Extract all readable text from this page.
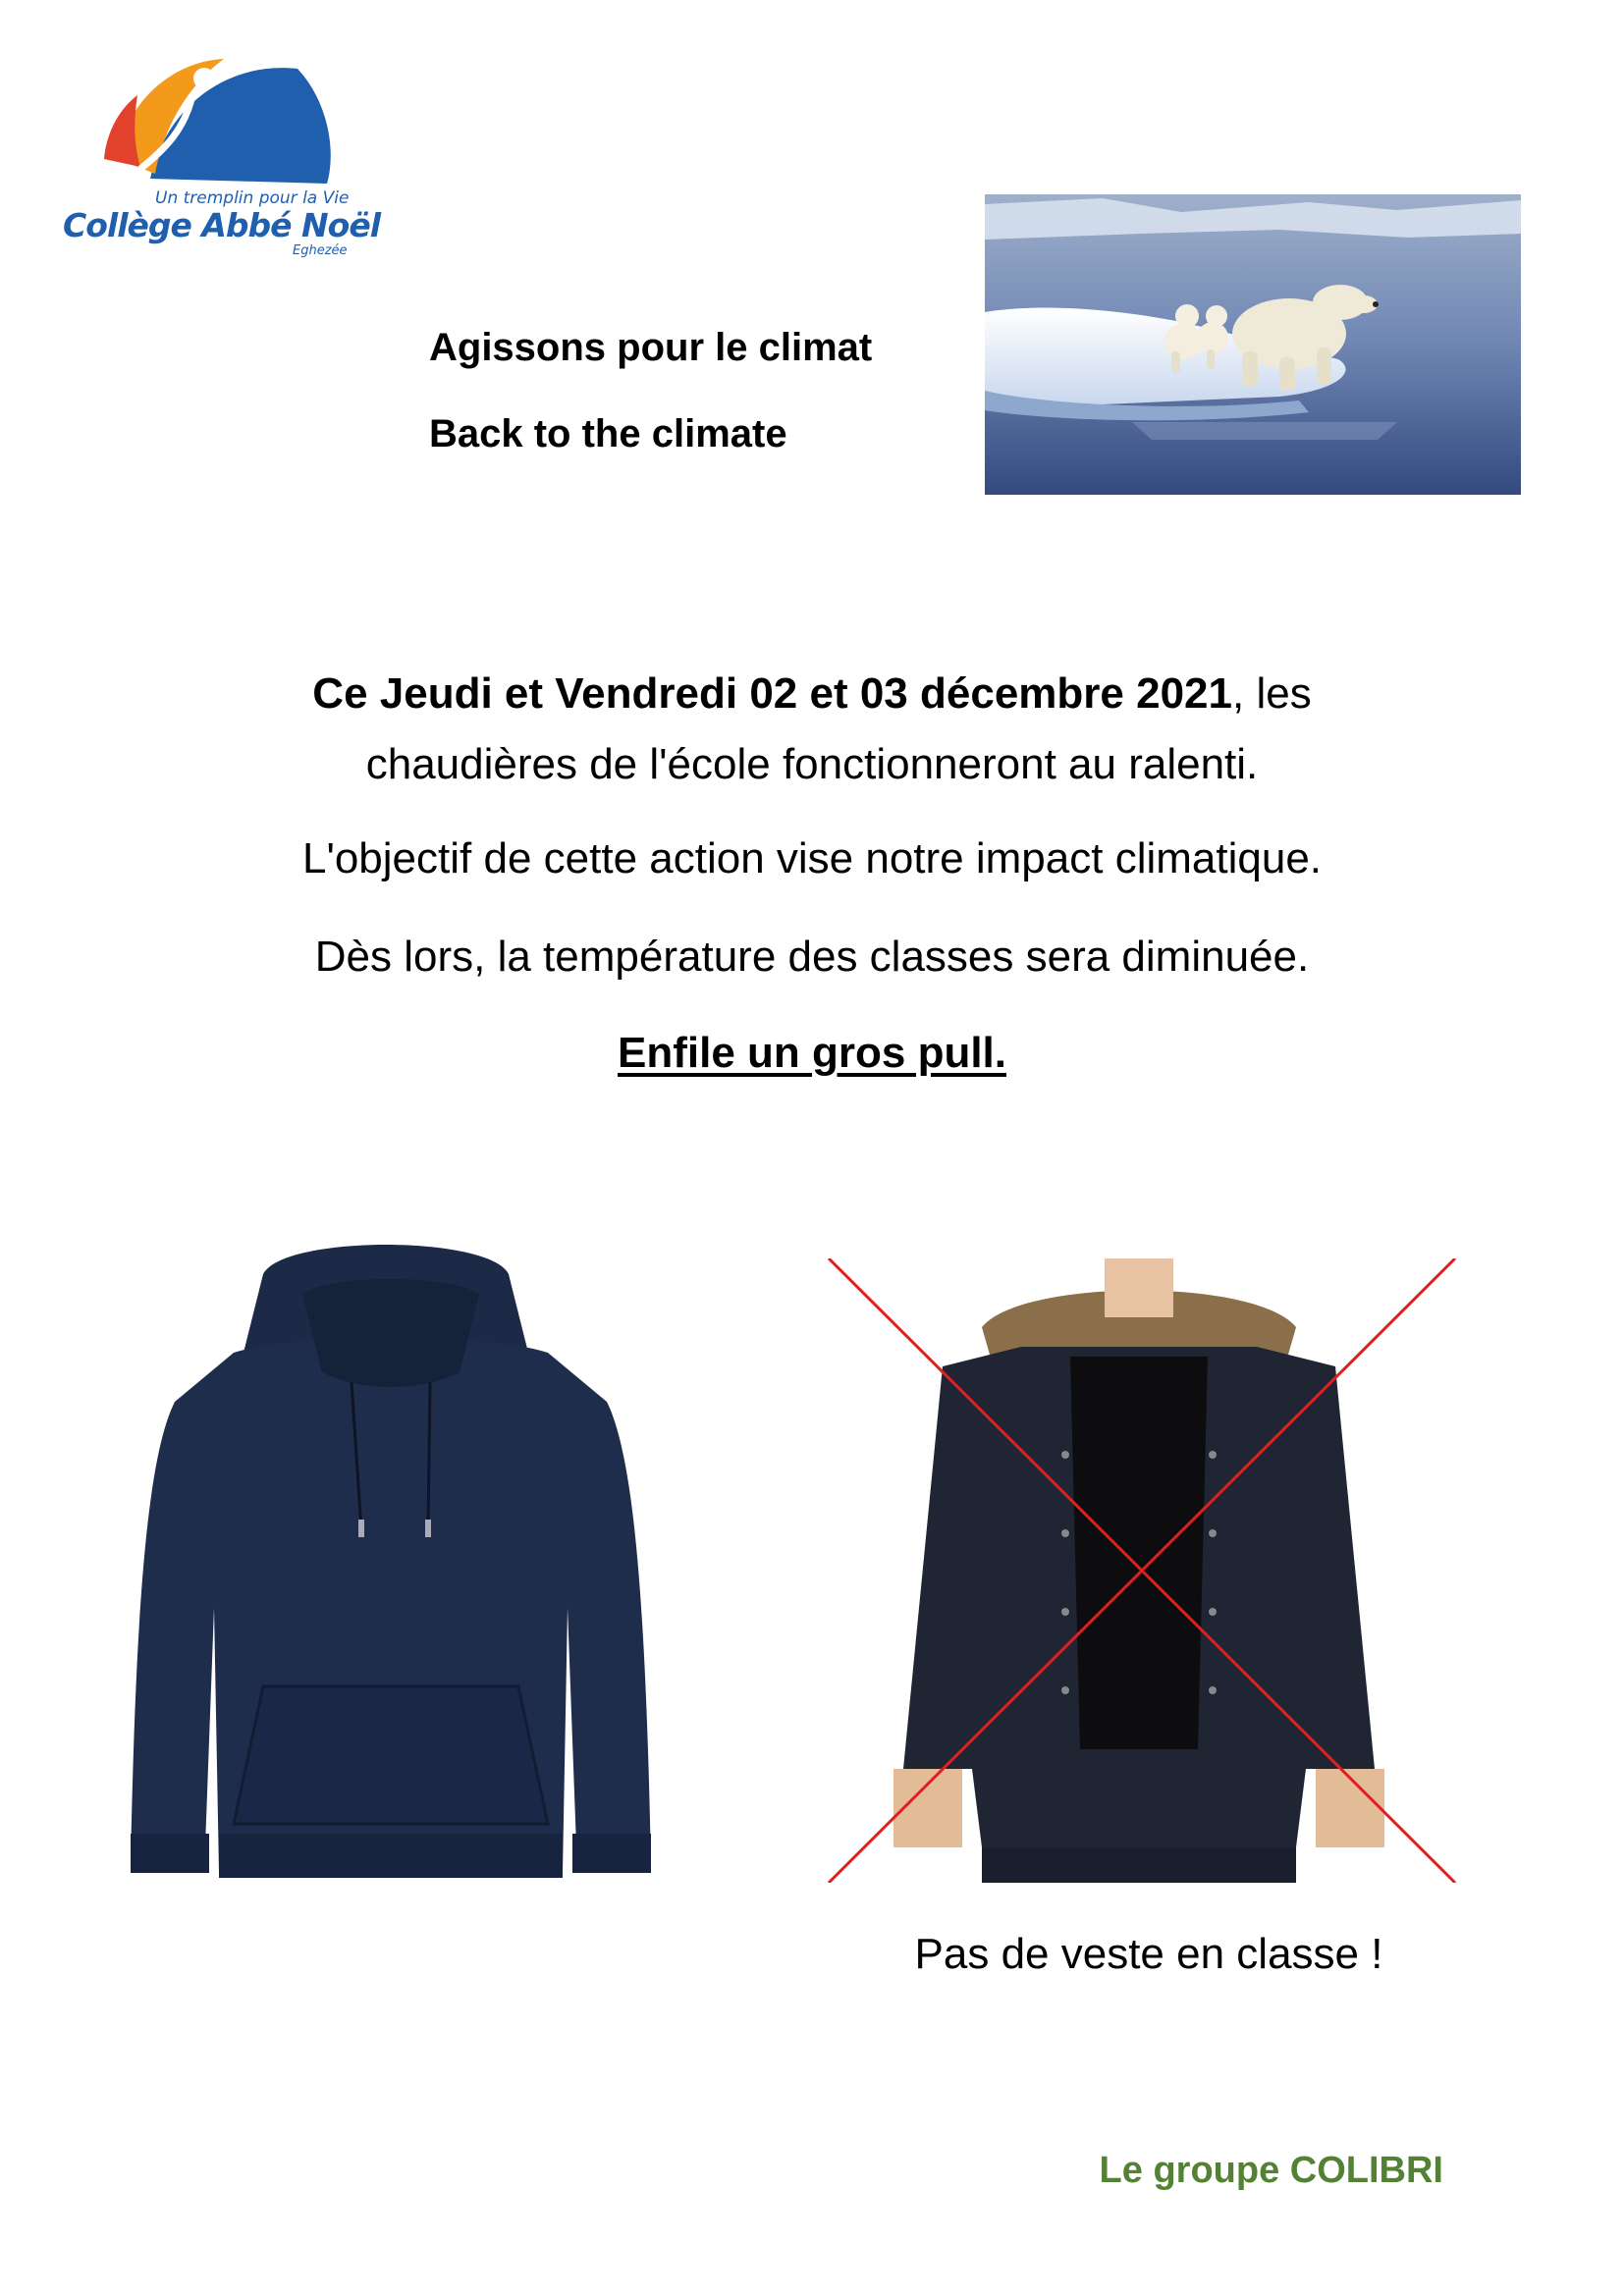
Un tremplin pour la Vie
Collège Abbé Noël
Eghezée
Agissons pour le climat
Back to the climate
Ce Jeudi et Vendredi 02 et 03 décembre 2021, les
chaudières de l'école fonctionneront au ralenti.
L'objectif de cette action vise notre impact climatique.
Dès lors, la température des classes sera diminuée.
Enfile un gros pull.
Pas de veste en classe !
Le groupe COLIBRI
